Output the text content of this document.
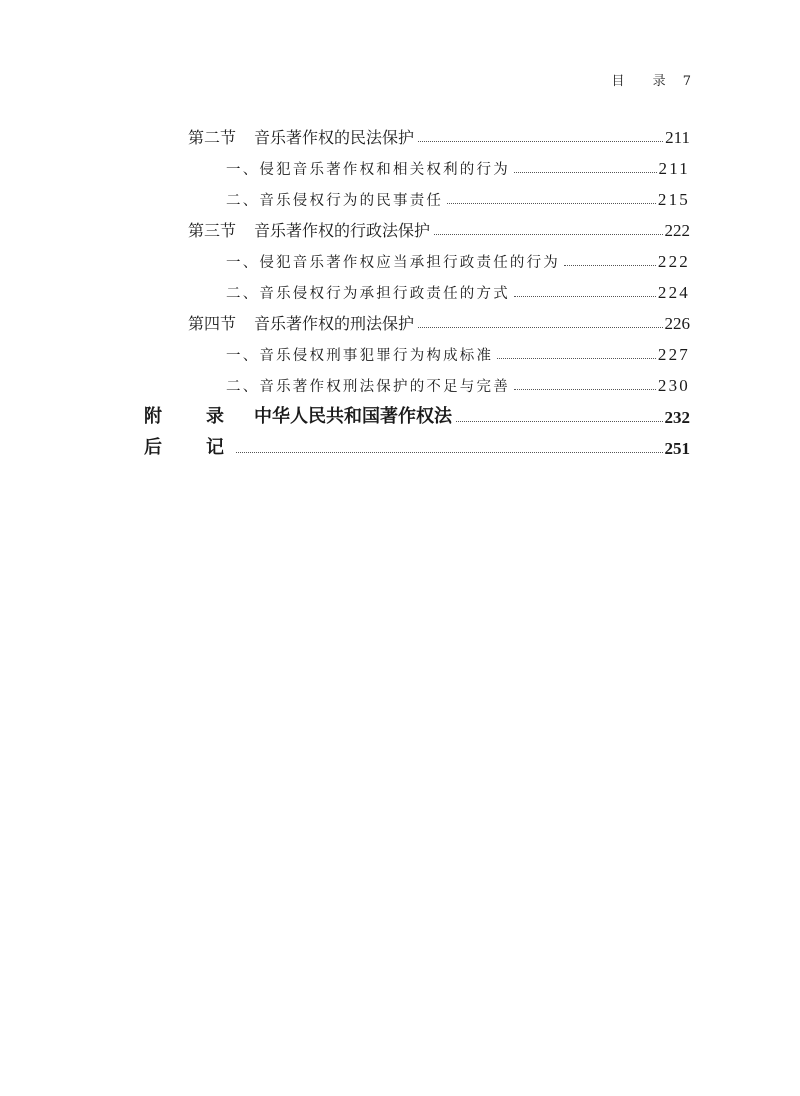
目 录 7
第二节 音乐著作权的民法保护	211
一、侵犯音乐著作权和相关权利的行为	211
二、音乐侵权行为的民事责任	215
第三节 音乐著作权的行政法保护	222
一、侵犯音乐著作权应当承担行政责任的行为	222
二、音乐侵权行为承担行政责任的方式	224
第四节 音乐著作权的刑法保护	226
一、音乐侵权刑事犯罪行为构成标准	227
二、音乐著作权刑法保护的不足与完善	230
附 录 中华人民共和国著作权法	232
后 记	251
